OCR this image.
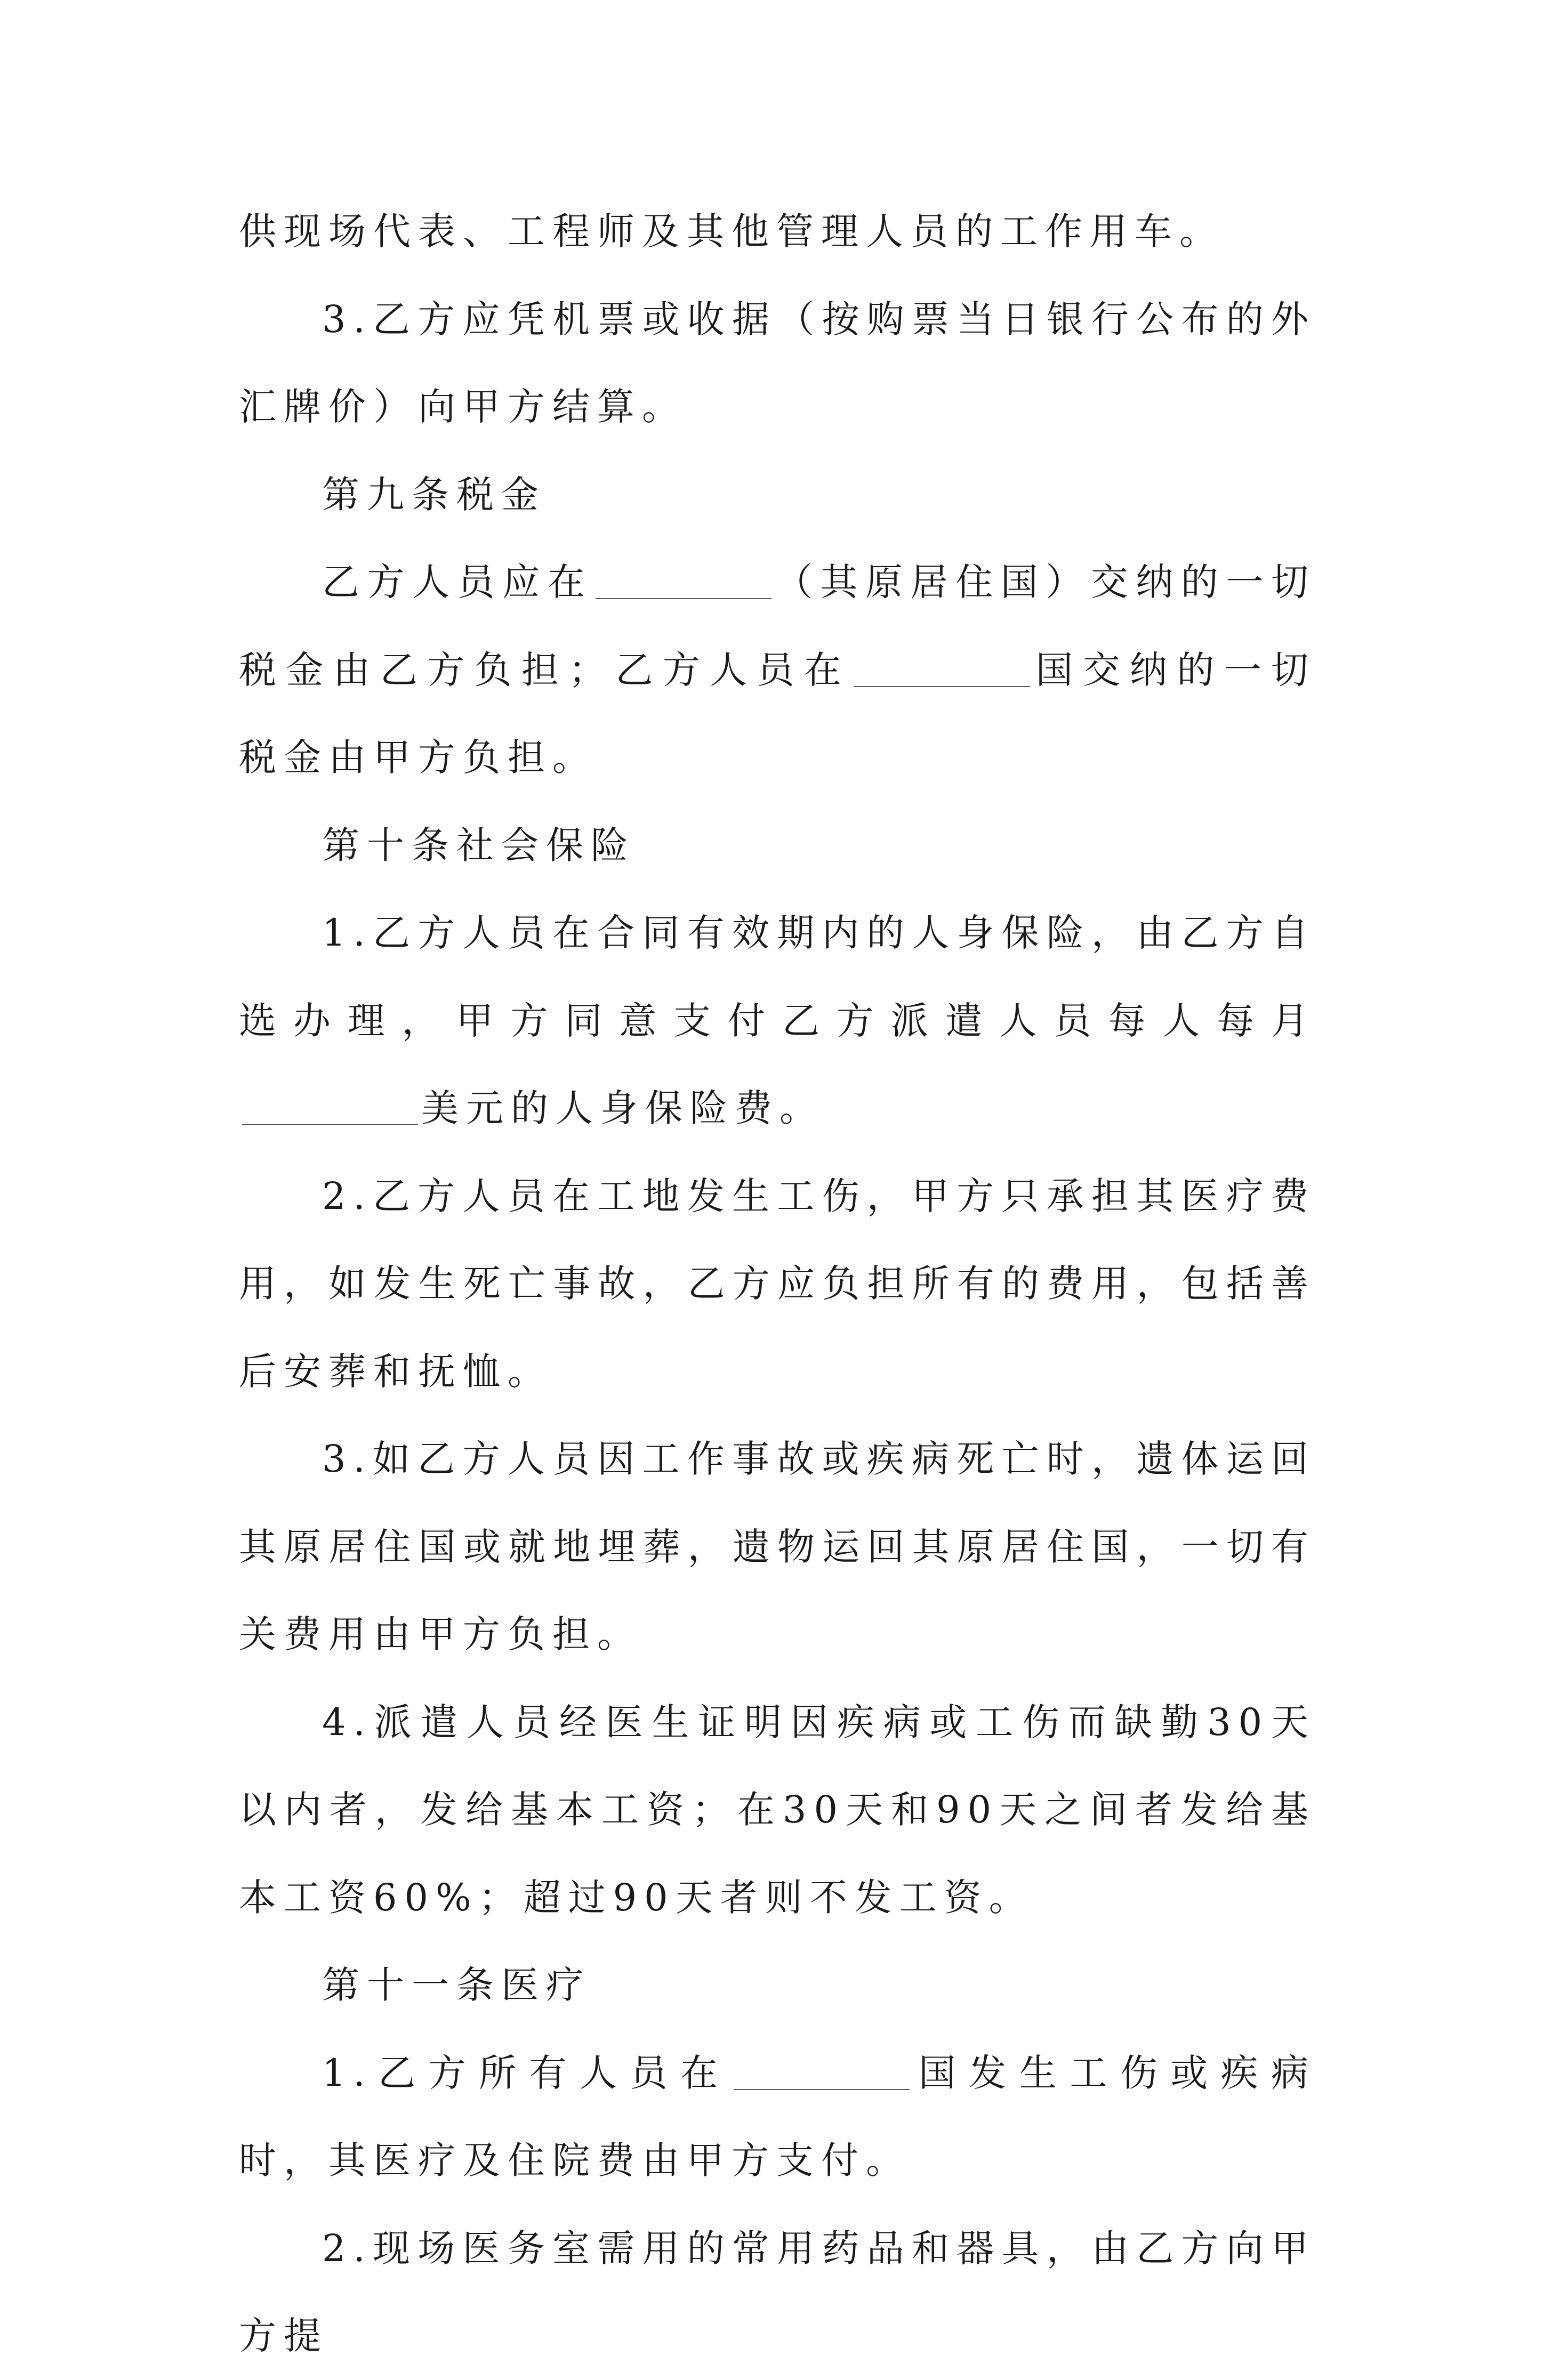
供现场代表、工程师及其他管理人员的工作用车。

3.乙方应凭机票或收据（按购票当日银行公布的外汇牌价）向甲方结算。

第九条税金

乙方人员应在	（其原居住国）交纳的一切税金由乙方负担；乙方人员在	国交纳的一切税金由甲方负担。

第十条社会保险

1.乙方人员在合同有效期内的人身保险，由乙方自选办理，甲方同意支付乙方派遣人员每人每月美元的人身保险费。

2.乙方人员在工地发生工伤，甲方只承担其医疗费用，如发生死亡事故，乙方应负担所有的费用，包括善后安葬和抚恤。

3.如乙方人员因工作事故或疾病死亡时，遗体运回其原居住国或就地埋葬，遗物运回其原居住国，一切有关费用由甲方负担。

4.派遣人员经医生证明因疾病或工伤而缺勤30天以内者，发给基本工资；在30天和90天之间者发给基本工资60%；超过90天者则不发工资。

第十一条医疗

1.乙方所有人员在	国发生工伤或疾病时，其医疗及住院费由甲方支付。

2.现场医务室需用的常用药品和器具，由乙方向甲方提
